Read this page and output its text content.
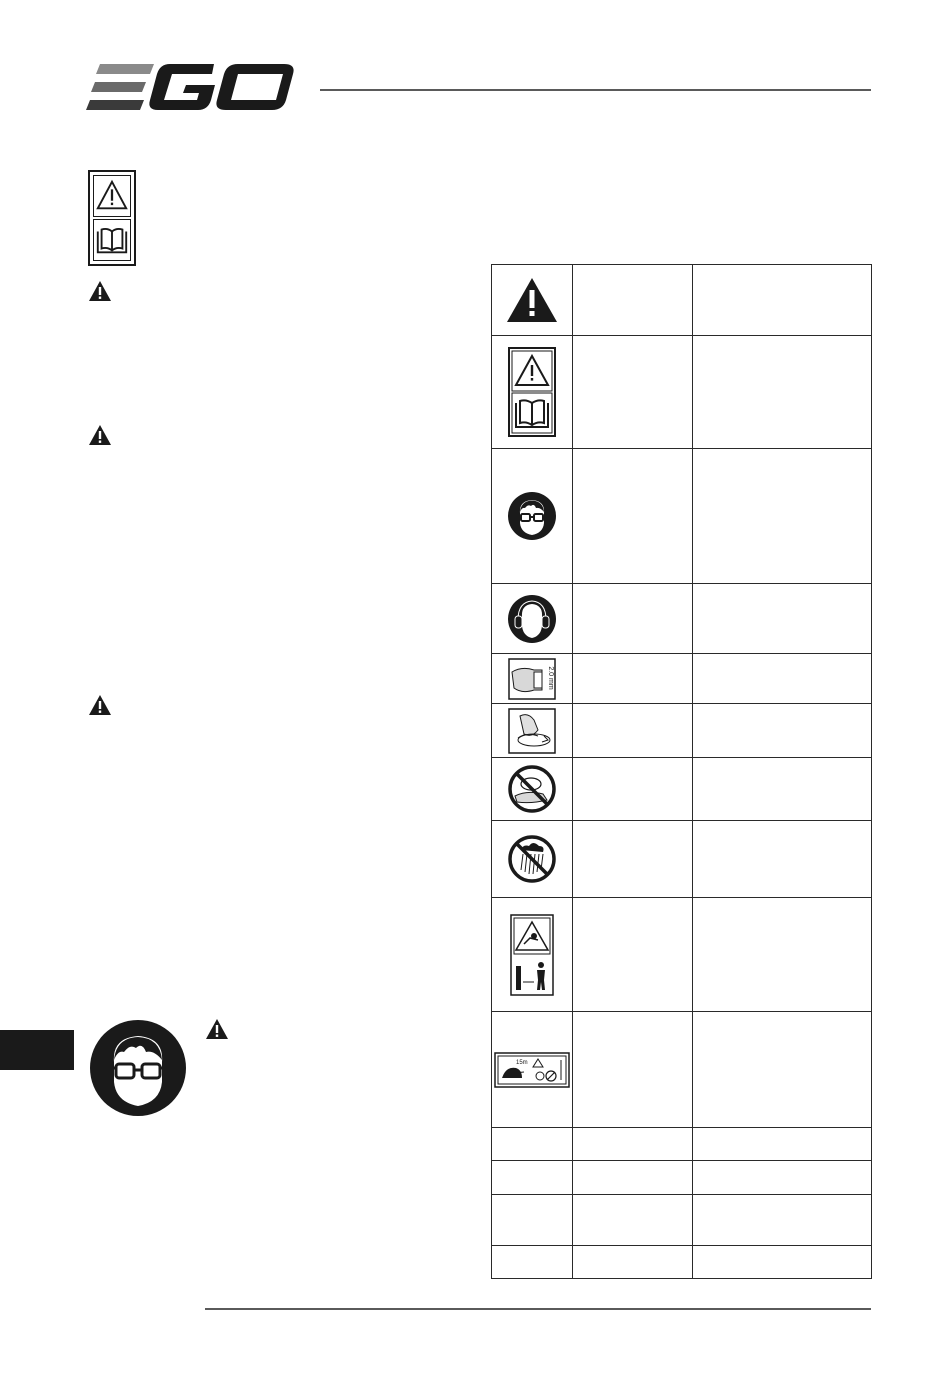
2.0 mm		

15m		
